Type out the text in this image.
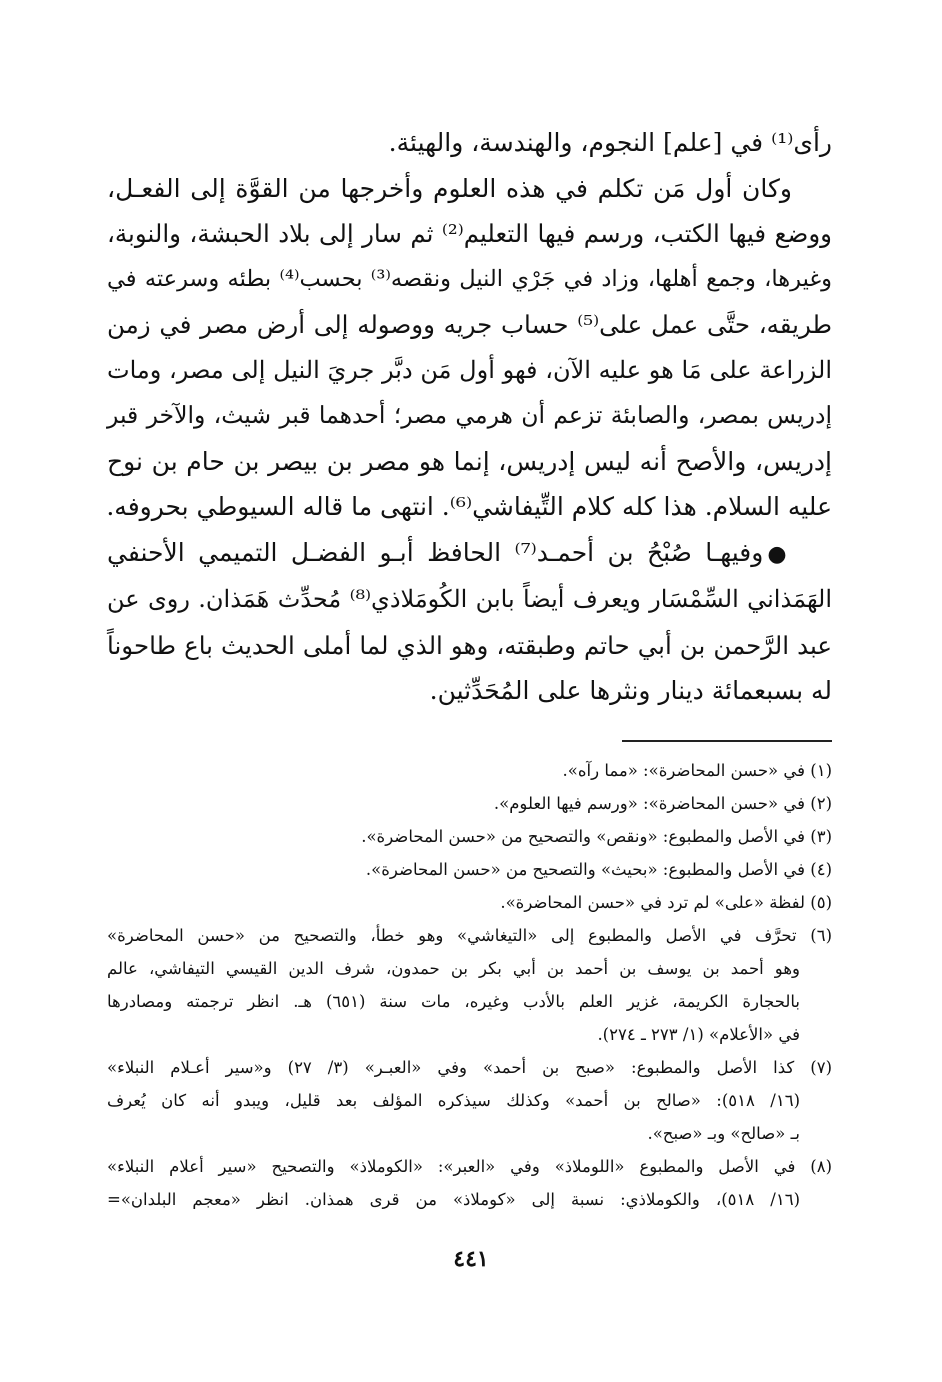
رأى⁽¹⁾ في [علم] النجوم، والهندسة، والهيئة.
وكان أول مَن تكلم في هذه العلوم وأخرجها من القوَّة إلى الفعـل،
ووضع فيها الكتب، ورسم فيها التعليم⁽²⁾ ثم سار إلى بلاد الحبشة، والنوبة،
وغيرها، وجمع أهلها، وزاد في جَرْي النيل ونقصه⁽³⁾ بحسب⁽⁴⁾ بطئه وسرعته في
طريقه، حتَّى عمل على⁽⁵⁾ حساب جريه ووصوله إلى أرض مصر في زمن
الزراعة على مَا هو عليه الآن، فهو أول مَن دبَّر جريَ النيل إلى مصر، ومات
إدريس بمصر، والصابئة تزعم أن هرمي مصر؛ أحدهما قبر شيث، والآخر قبر
إدريس، والأصح أنه ليس إدريس، إنما هو مصر بن بيصر بن حام بن نوح
عليه السلام. هذا كله كلام التِّيفاشي⁽⁶⁾. انتهى ما قاله السيوطي بحروفه.
●وفيهـا صُبْحُ بن أحمـد⁽⁷⁾ الحافظ أبـو الفضـل التميمي الأحنفي
الهَمَذاني السِّمْسَار ويعرف أيضاً بابن الكُومَلاذي⁽⁸⁾ مُحدِّث هَمَذان. روى عن
عبد الرَّحمن بن أبي حاتم وطبقته، وهو الذي لما أملى الحديث باع طاحوناً
له بسبعمائة دينار ونثرها على المُحَدِّثين.
(١) في «حسن المحاضرة»: «مما رآه».
(٢) في «حسن المحاضرة»: «ورسم فيها العلوم».
(٣) في الأصل والمطبوع: «ونقص» والتصحيح من «حسن المحاضرة».
(٤) في الأصل والمطبوع: «بحيث» والتصحيح من «حسن المحاضرة».
(٥) لفظة «على» لم ترد في «حسن المحاضرة».
(٦) تحرَّف في الأصل والمطبوع إلى «التيغاشي» وهو خطأ، والتصحيح من «حسن المحاضرة»
وهو أحمد بن يوسف بن أحمد بن أبي بكر بن حمدون، شرف الدين القيسي التيفاشي، عالم
بالحجارة الكريمة، غزير العلم بالأدب وغيره، مات سنة (٦٥١) هـ. انظر ترجمته ومصادرها
في «الأعلام» (١/ ٢٧٣ ـ ٢٧٤).
(٧) كذا الأصل والمطبوع: «صبح بن أحمد» وفي «العبـر» (٣/ ٢٧) و«سير أعـلام النبلاء»
(١٦/ ٥١٨): «صالح بن أحمد» وكذلك سيذكره المؤلف بعد قليل، ويبدو أنه كان يُعرف
بـ «صالح» وبـ «صبح».
(٨) في الأصل والمطبوع «اللوملاذ» وفي «العبر»: «الكوملاذ» والتصحيح «سير أعلام النبلاء»
(١٦/ ٥١٨)، والكوملاذي: نسبة إلى «كوملاذ» من قرى همذان. انظر «معجم البلدان»=
٤٤١
